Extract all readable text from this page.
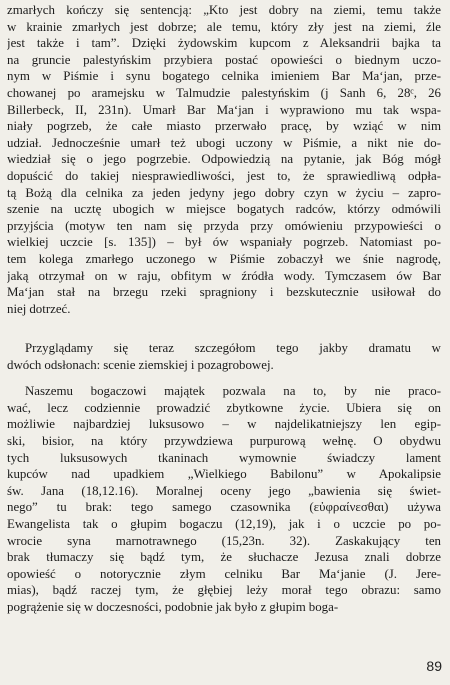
zmarłych kończy się sentencją: „Kto jest dobry na ziemi, temu także
w krainie zmarłych jest dobrze; ale temu, który zły jest na ziemi, źle
jest także i tam”. Dzięki żydowskim kupcom z Aleksandrii bajka ta
na gruncie palestyńskim przybiera postać opowieści o biednym uczo-
nym w Piśmie i synu bogatego celnika imieniem Bar Ma‘jan, prze-
chowanej po aramejsku w Talmudzie palestyńskim (j Sanh 6, 28ᶜ, 26
Billerbeck, II, 231n). Umarł Bar Ma‘jan i wyprawiono mu tak wspa-
niały pogrzeb, że całe miasto przerwało pracę, by wziąć w nim
udział. Jednocześnie umarł też ubogi uczony w Piśmie, a nikt nie do-
wiedział się o jego pogrzebie. Odpowiedzią na pytanie, jak Bóg mógł
dopuścić do takiej niesprawiedliwości, jest to, że sprawiedliwą odpła-
tą Bożą dla celnika za jeden jedyny jego dobry czyn w życiu – zapro-
szenie na ucztę ubogich w miejsce bogatych radców, którzy odmówili
przyjścia (motyw ten nam się przyda przy omówieniu przypowieści o
wielkiej uczcie [s. 135]) – był ów wspaniały pogrzeb. Natomiast po-
tem kolega zmarłego uczonego w Piśmie zobaczył we śnie nagrodę,
jaką otrzymał on w raju, obfitym w źródła wody. Tymczasem ów Bar
Ma‘jan stał na brzegu rzeki spragniony i bezskutecznie usiłował do
niej dotrzeć.
Przyglądamy się teraz szczegółom tego jakby dramatu w
dwóch odsłonach: scenie ziemskiej i pozagrobowej.
Naszemu bogaczowi majątek pozwala na to, by nie praco-
wać, lecz codziennie prowadzić zbytkowne życie. Ubiera się on
możliwie najbardziej luksusowo – w najdelikatniejszy len egip-
ski, bisior, na który przywdziewa purpurową wełnę. O obydwu
tych luksusowych tkaninach wymownie świadczy lament
kupców nad upadkiem „Wielkiego Babilonu” w Apokalipsie
św. Jana (18,12.16). Moralnej oceny jego „bawienia się świet-
nego” tu brak: tego samego czasownika (εὐφραίνεσθαι) używa
Ewangelista tak o głupim bogaczu (12,19), jak i o uczcie po po-
wrocie syna marnotrawnego (15,23n. 32). Zaskakujący ten
brak tłumaczy się bądź tym, że słuchacze Jezusa znali dobrze
opowieść o notorycznie złym celniku Bar Ma‘janie (J. Jere-
mias), bądź raczej tym, że głębiej leży morał tego obrazu: samo
pogrążenie się w doczesności, podobnie jak było z głupim boga-
89
